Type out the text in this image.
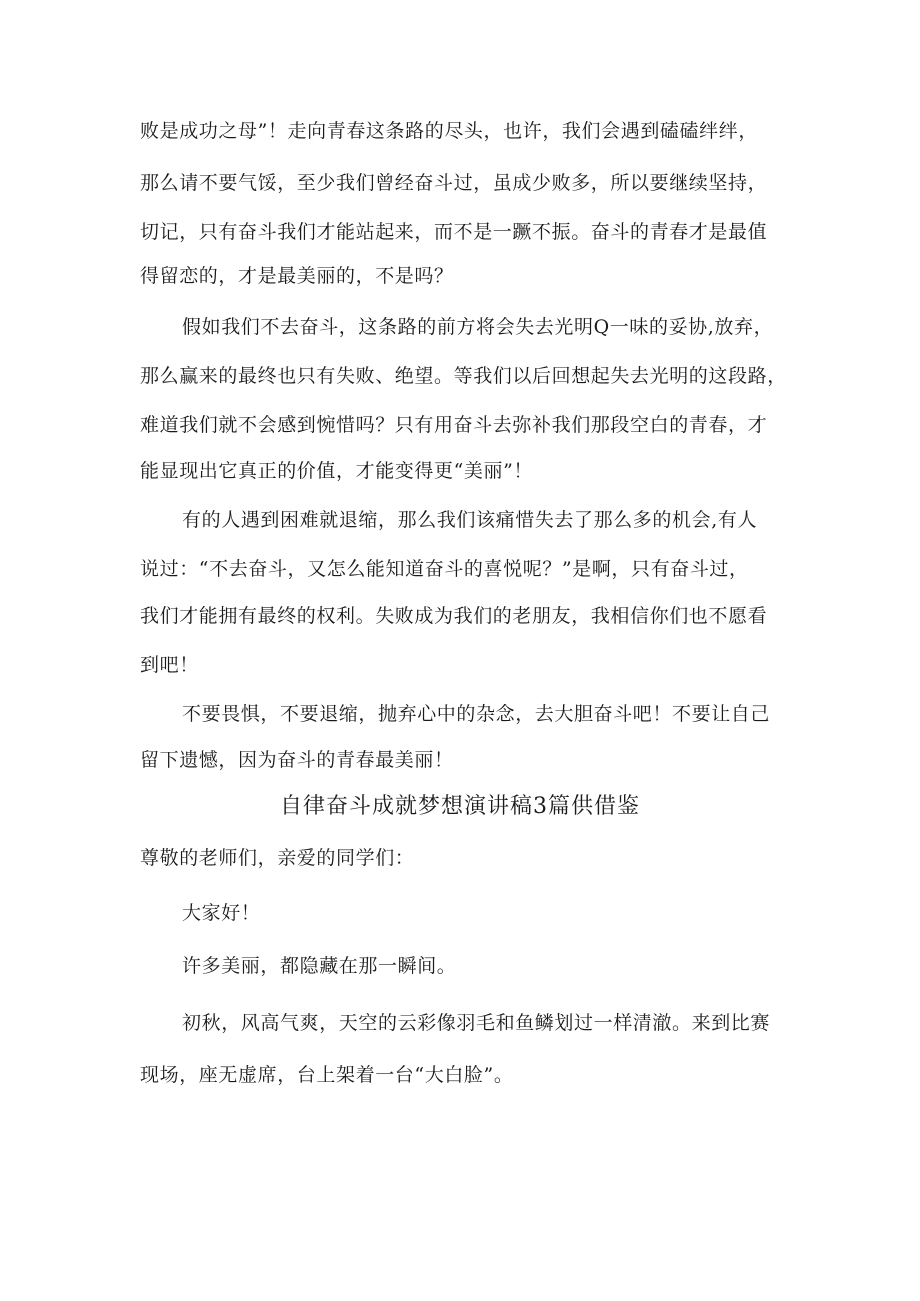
败是成功之母”！走向青春这条路的尽头，也许，我们会遇到磕磕绊绊，
那么请不要气馁，至少我们曾经奋斗过，虽成少败多，所以要继续坚持，
切记，只有奋斗我们才能站起来，而不是一蹶不振。奋斗的青春才是最值
得留恋的，才是最美丽的，不是吗？
假如我们不去奋斗，这条路的前方将会失去光明Q一味的妥协,放弃，
那么赢来的最终也只有失败、绝望。等我们以后回想起失去光明的这段路，
难道我们就不会感到惋惜吗？只有用奋斗去弥补我们那段空白的青春，才
能显现出它真正的价值，才能变得更“美丽”！
有的人遇到困难就退缩，那么我们该痛惜失去了那么多的机会,有人
说过：“不去奋斗，又怎么能知道奋斗的喜悦呢？”是啊，只有奋斗过，
我们才能拥有最终的权利。失败成为我们的老朋友，我相信你们也不愿看
到吧！
不要畏惧，不要退缩，抛弃心中的杂念，去大胆奋斗吧！不要让自己
留下遗憾，因为奋斗的青春最美丽！
自律奋斗成就梦想演讲稿3篇供借鉴
尊敬的老师们，亲爱的同学们：
大家好！
许多美丽，都隐藏在那一瞬间。
初秋，风高气爽，天空的云彩像羽毛和鱼鳞划过一样清澈。来到比赛
现场，座无虚席，台上架着一台“大白脸”。
